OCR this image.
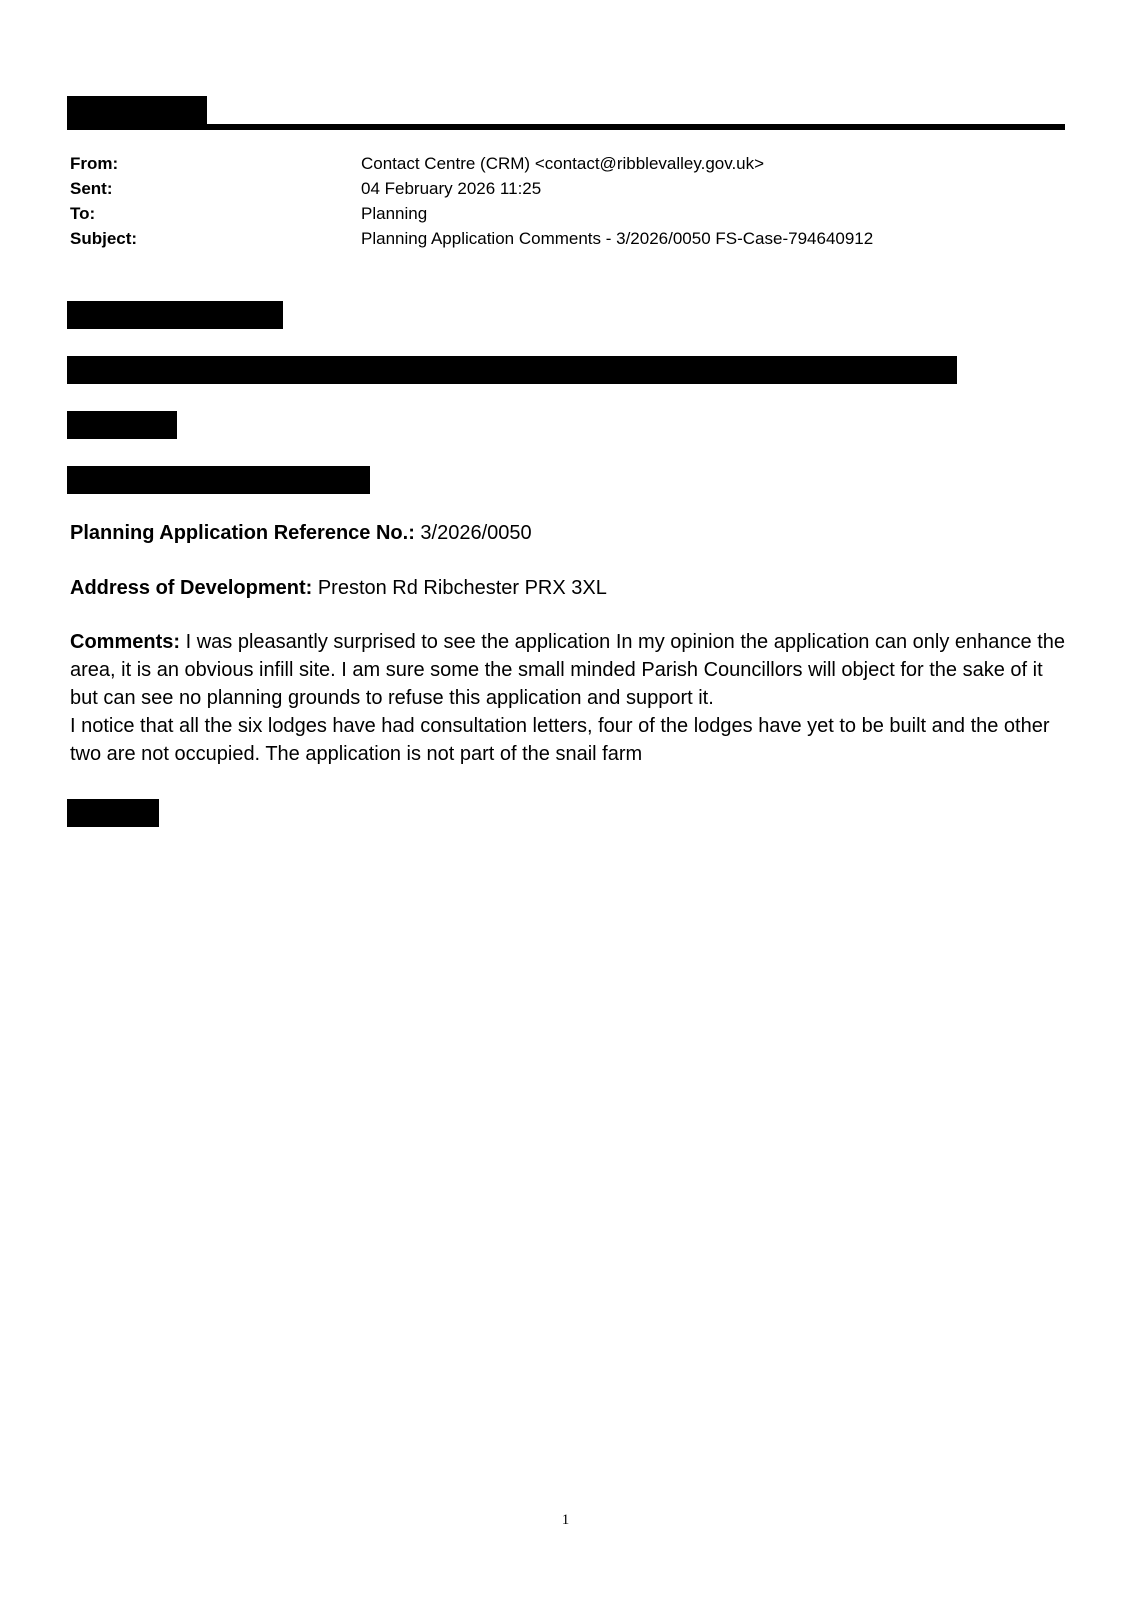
From:	Contact Centre (CRM) <contact@ribblevalley.gov.uk>
Sent:	04 February 2026 11:25
To:	Planning
Subject:	Planning Application Comments - 3/2026/0050 FS-Case-794640912
Planning Application Reference No.: 3/2026/0050
Address of Development: Preston Rd Ribchester PRX 3XL

Comments: I was pleasantly surprised to see the application In my opinion the application can only enhance the area, it is an obvious infill site. I am sure some the small minded Parish Councillors will object for the sake of it but can see no planning grounds to refuse this application and support it.

I notice that all the six lodges have had consultation letters, four of the lodges have yet to be built and the other two are not occupied. The application is not part of the snail farm

1
